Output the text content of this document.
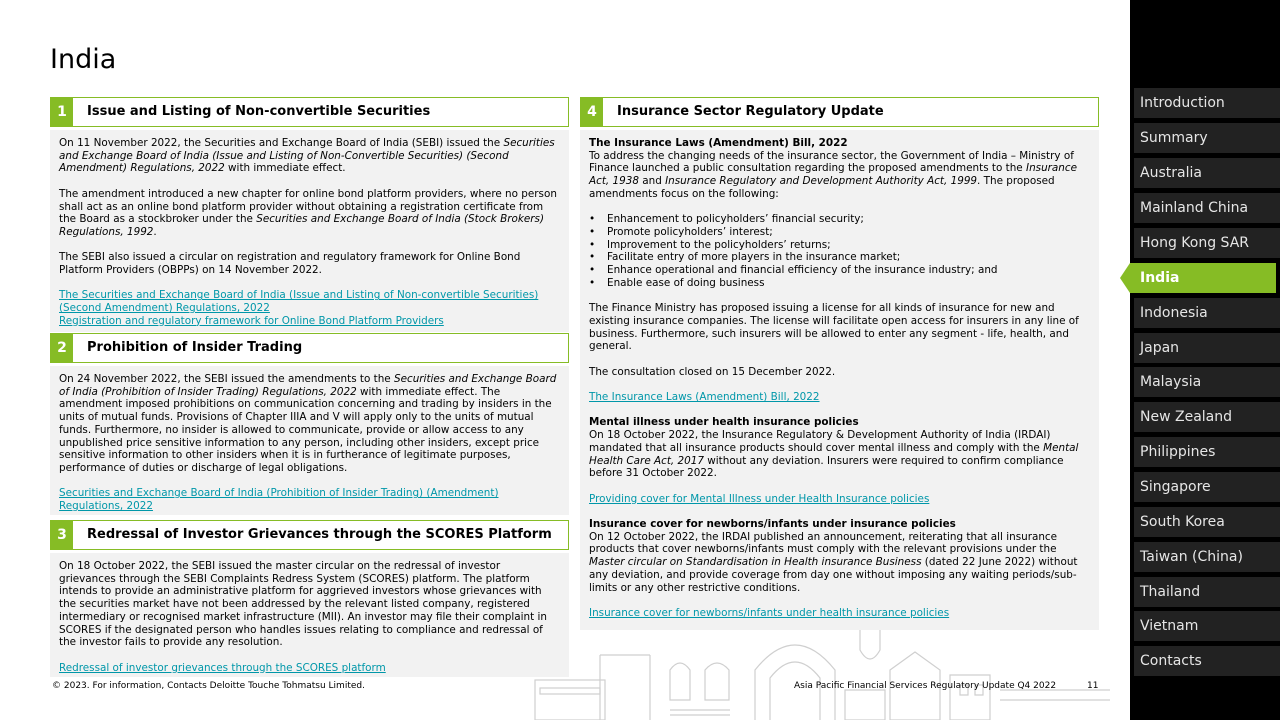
India
1	Issue and Listing of Non-convertible Securities

On 11 November 2022, the Securities and Exchange Board of India (SEBI) issued the Securities and Exchange Board of India (Issue and Listing of Non-Convertible Securities) (Second Amendment) Regulations, 2022 with immediate effect.

The amendment introduced a new chapter for online bond platform providers, where no person shall act as an online bond platform provider without obtaining a registration certificate from the Board as a stockbroker under the Securities and Exchange Board of India (Stock Brokers) Regulations, 1992.

The SEBI also issued a circular on registration and regulatory framework for Online Bond Platform Providers (OBPPs) on 14 November 2022.

The Securities and Exchange Board of India (Issue and Listing of Non-convertible Securities) (Second Amendment) Regulations, 2022
Registration and regulatory framework for Online Bond Platform Providers

2	Prohibition of Insider Trading

On 24 November 2022, the SEBI issued the amendments to the Securities and Exchange Board of India (Prohibition of Insider Trading) Regulations, 2022 with immediate effect. The amendment imposed prohibitions on communication concerning and trading by insiders in the units of mutual funds. Provisions of Chapter IIIA and V will apply only to the units of mutual funds. Furthermore, no insider is allowed to communicate, provide or allow access to any unpublished price sensitive information to any person, including other insiders, except price sensitive information to other insiders when it is in furtherance of legitimate purposes, performance of duties or discharge of legal obligations.

Securities and Exchange Board of India (Prohibition of Insider Trading) (Amendment) Regulations, 2022

3	Redressal of Investor Grievances through the SCORES Platform

On 18 October 2022, the SEBI issued the master circular on the redressal of investor grievances through the SEBI Complaints Redress System (SCORES) platform. The platform intends to provide an administrative platform for aggrieved investors whose grievances with the securities market have not been addressed by the relevant listed company, registered intermediary or recognised market infrastructure (MII). An investor may file their complaint in SCORES if the designated person who handles issues relating to compliance and redressal of the investor fails to provide any resolution.

Redressal of investor grievances through the SCORES platform

4	Insurance Sector Regulatory Update

The Insurance Laws (Amendment) Bill, 2022
To address the changing needs of the insurance sector, the Government of India – Ministry of Finance launched a public consultation regarding the proposed amendments to the Insurance Act, 1938 and Insurance Regulatory and Development Authority Act, 1999. The proposed amendments focus on the following:

• Enhancement to policyholders’ financial security;
• Promote policyholders’ interest;
• Improvement to the policyholders’ returns;
• Facilitate entry of more players in the insurance market;
• Enhance operational and financial efficiency of the insurance industry; and
• Enable ease of doing business

The Finance Ministry has proposed issuing a license for all kinds of insurance for new and existing insurance companies. The license will facilitate open access for insurers in any line of business. Furthermore, such insurers will be allowed to enter any segment - life, health, and general.

The consultation closed on 15 December 2022.

The Insurance Laws (Amendment) Bill, 2022

Mental illness under health insurance policies
On 18 October 2022, the Insurance Regulatory & Development Authority of India (IRDAI) mandated that all insurance products should cover mental illness and comply with the Mental Health Care Act, 2017 without any deviation. Insurers were required to confirm compliance before 31 October 2022.

Providing cover for Mental Illness under Health Insurance policies

Insurance cover for newborns/infants under insurance policies
On 12 October 2022, the IRDAI published an announcement, reiterating that all insurance products that cover newborns/infants must comply with the relevant provisions under the Master circular on Standardisation in Health insurance Business (dated 22 June 2022) without any deviation, and provide coverage from day one without imposing any waiting periods/sub-limits or any other restrictive conditions.

Insurance cover for newborns/infants under health insurance policies

Introduction
Summary
Australia
Mainland China
Hong Kong SAR
India
Indonesia
Japan
Malaysia
New Zealand
Philippines
Singapore
South Korea
Taiwan (China)
Thailand
Vietnam
Contacts
© 2023. For information, Contacts Deloitte Touche Tohmatsu Limited.	Asia Pacific Financial Services Regulatory Update Q4 2022	11
